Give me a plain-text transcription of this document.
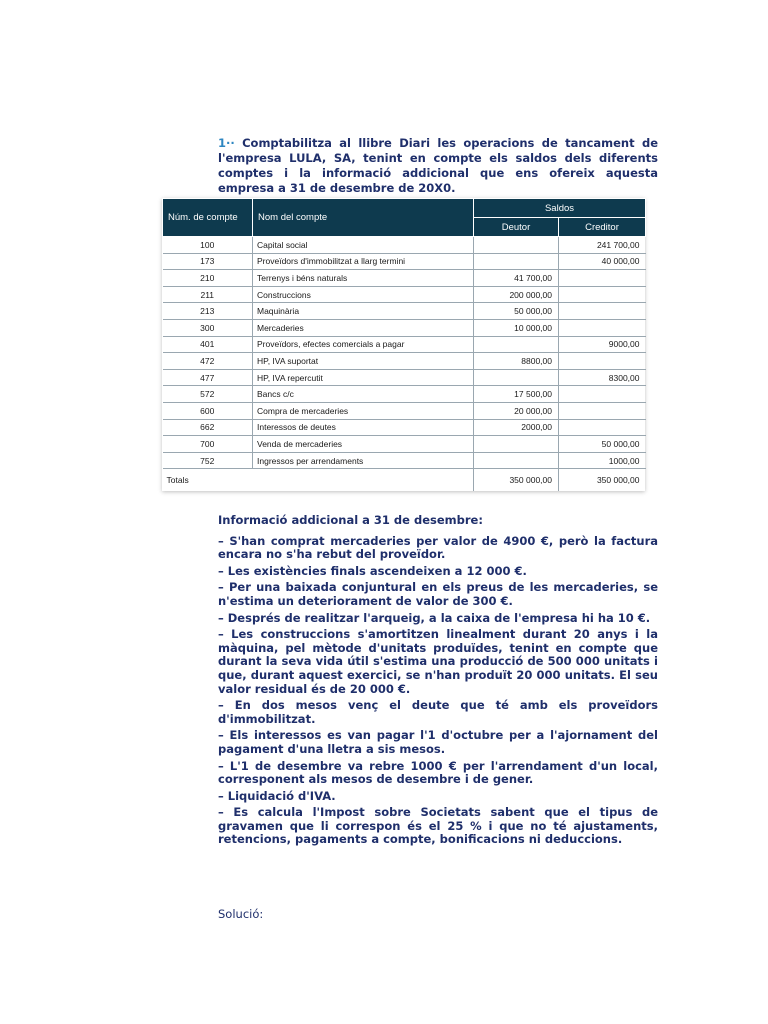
1·· Comptabilitza al llibre Diari les operacions de tancament de l'empresa LULA, SA, tenint en compte els saldos dels diferents comptes i la informació addicional que ens ofereix aquesta empresa a 31 de desembre de 20X0.
Núm. de compte	Nom del compte	Saldos	
		Deutor	Creditor
100	Capital social		241 700,00
173	Proveïdors d'immobilitzat a llarg termini		40 000,00
210	Terrenys i béns naturals	41 700,00	
211	Construccions	200 000,00	
213	Maquinària	50 000,00	
300	Mercaderies	10 000,00	
401	Proveïdors, efectes comercials a pagar		9000,00
472	HP, IVA suportat	8800,00	
477	HP, IVA repercutit		8300,00
572	Bancs c/c	17 500,00	
600	Compra de mercaderies	20 000,00	
662	Interessos de deutes	2000,00	
700	Venda de mercaderies		50 000,00
752	Ingressos per arrendaments		1000,00
Totals		350 000,00	350 000,00
Informació addicional a 31 de desembre:

– S'han comprat mercaderies per valor de 4900 €, però la factura encara no s'ha rebut del proveïdor.

– Les existències finals ascendeixen a 12 000 €.

– Per una baixada conjuntural en els preus de les mercaderies, se n'estima un deteriorament de valor de 300 €.

– Després de realitzar l'arqueig, a la caixa de l'empresa hi ha 10 €.

– Les construccions s'amortitzen linealment durant 20 anys i la màquina, pel mètode d'unitats produïdes, tenint en compte que durant la seva vida útil s'estima una producció de 500 000 unitats i que, durant aquest exercici, se n'han produït 20 000 unitats. El seu valor residual és de 20 000 €.

– En dos mesos venç el deute que té amb els proveïdors d'immobilitzat.

– Els interessos es van pagar l'1 d'octubre per a l'ajornament del pagament d'una lletra a sis mesos.

– L'1 de desembre va rebre 1000 € per l'arrendament d'un local, corresponent als mesos de desembre i de gener.

– Liquidació d'IVA.

– Es calcula l'Impost sobre Societats sabent que el tipus de gravamen que li correspon és el 25 % i que no té ajustaments, retencions, pagaments a compte, bonificacions ni deduccions.

Solució:
